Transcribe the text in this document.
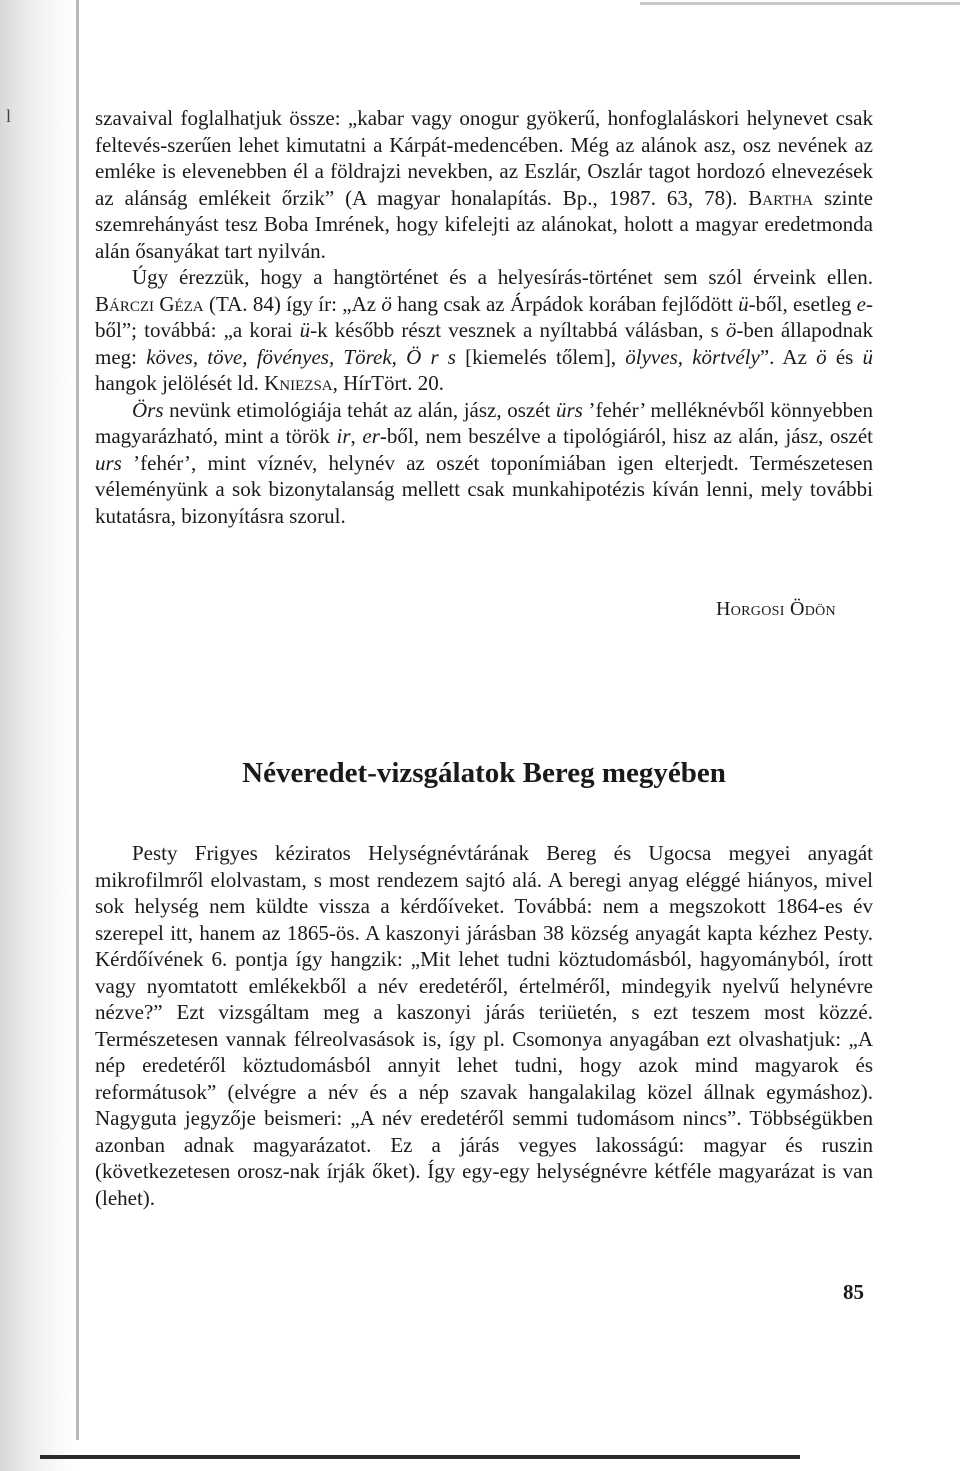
l	szavaival foglalhatjuk össze: „kabar vagy onogur gyökerű, honfoglaláskori helynevet csak feltevés-szerűen lehet kimutatni a Kárpát-medencében. Még az alánok asz, osz nevének az emléke is elevenebben él a földrajzi nevekben, az Eszlár, Oszlár tagot hordozó elnevezések az alánság emlékeit őrzik” (A magyar honalapítás. Bp., 1987. 63, 78). Bartha szinte szemrehányást tesz Boba Imrének, hogy kifelejti az alánokat, holott a magyar eredetmonda alán ősanyákat tart nyilván.

Úgy érezzük, hogy a hangtörténet és a helyesírás-történet sem szól érveink ellen. Bárczi Géza (TA. 84) így ír: „Az ö hang csak az Árpádok korában fejlődött ü-ből, esetleg e-ből”; továbbá: „a korai ü-k később részt vesznek a nyíltabbá válásban, s ö-ben állapodnak meg: köves, töve, fövényes, Törek, Ö r s [kiemelés tőlem], ölyves, körtvély”. Az ö és ü hangok jelölését ld. Kniezsa, HírTört. 20.

Örs nevünk etimológiája tehát az alán, jász, oszét ürs ’fehér’ melléknévből könnyebben magyarázható, mint a török ir, er-ből, nem beszélve a tipológiáról, hisz az alán, jász, oszét urs ’fehér’, mint víznév, helynév az oszét toponímiában igen elterjedt. Természetesen véleményünk a sok bizonytalanság mellett csak munkahipotézis kíván lenni, mely további kutatásra, bizonyításra szorul.

Horgosi Ödön
Néveredet-vizsgálatok Bereg megyében

Pesty Frigyes kéziratos Helységnévtárának Bereg és Ugocsa megyei anyagát mikrofilmről elolvastam, s most rendezem sajtó alá. A beregi anyag eléggé hiányos, mivel sok helység nem küldte vissza a kérdőíveket. Továbbá: nem a megszokott 1864-es év szerepel itt, hanem az 1865-ös. A kaszonyi járásban 38 község anyagát kapta kézhez Pesty. Kérdőívének 6. pontja így hangzik: „Mit lehet tudni köztudomásból, hagyományból, írott vagy nyomtatott emlékekből a név eredetéről, értelméről, mindegyik nyelvű helynévre nézve?” Ezt vizsgáltam meg a kaszonyi járás teriüetén, s ezt teszem most közzé. Természetesen vannak félreolvasások is, így pl. Csomonya anyagában ezt olvashatjuk: „A nép eredetéről köztudomásból annyit lehet tudni, hogy azok mind magyarok és reformátusok” (elvégre a név és a nép szavak hangalakilag közel állnak egymáshoz). Nagyguta jegyzője beismeri: „A név eredetéről semmi tudomásom nincs”. Többségükben azonban adnak magyarázatot. Ez a járás vegyes lakosságú: magyar és ruszin (következetesen orosz-nak írják őket). Így egy-egy helységnévre kétféle magyarázat is van (lehet).

85
